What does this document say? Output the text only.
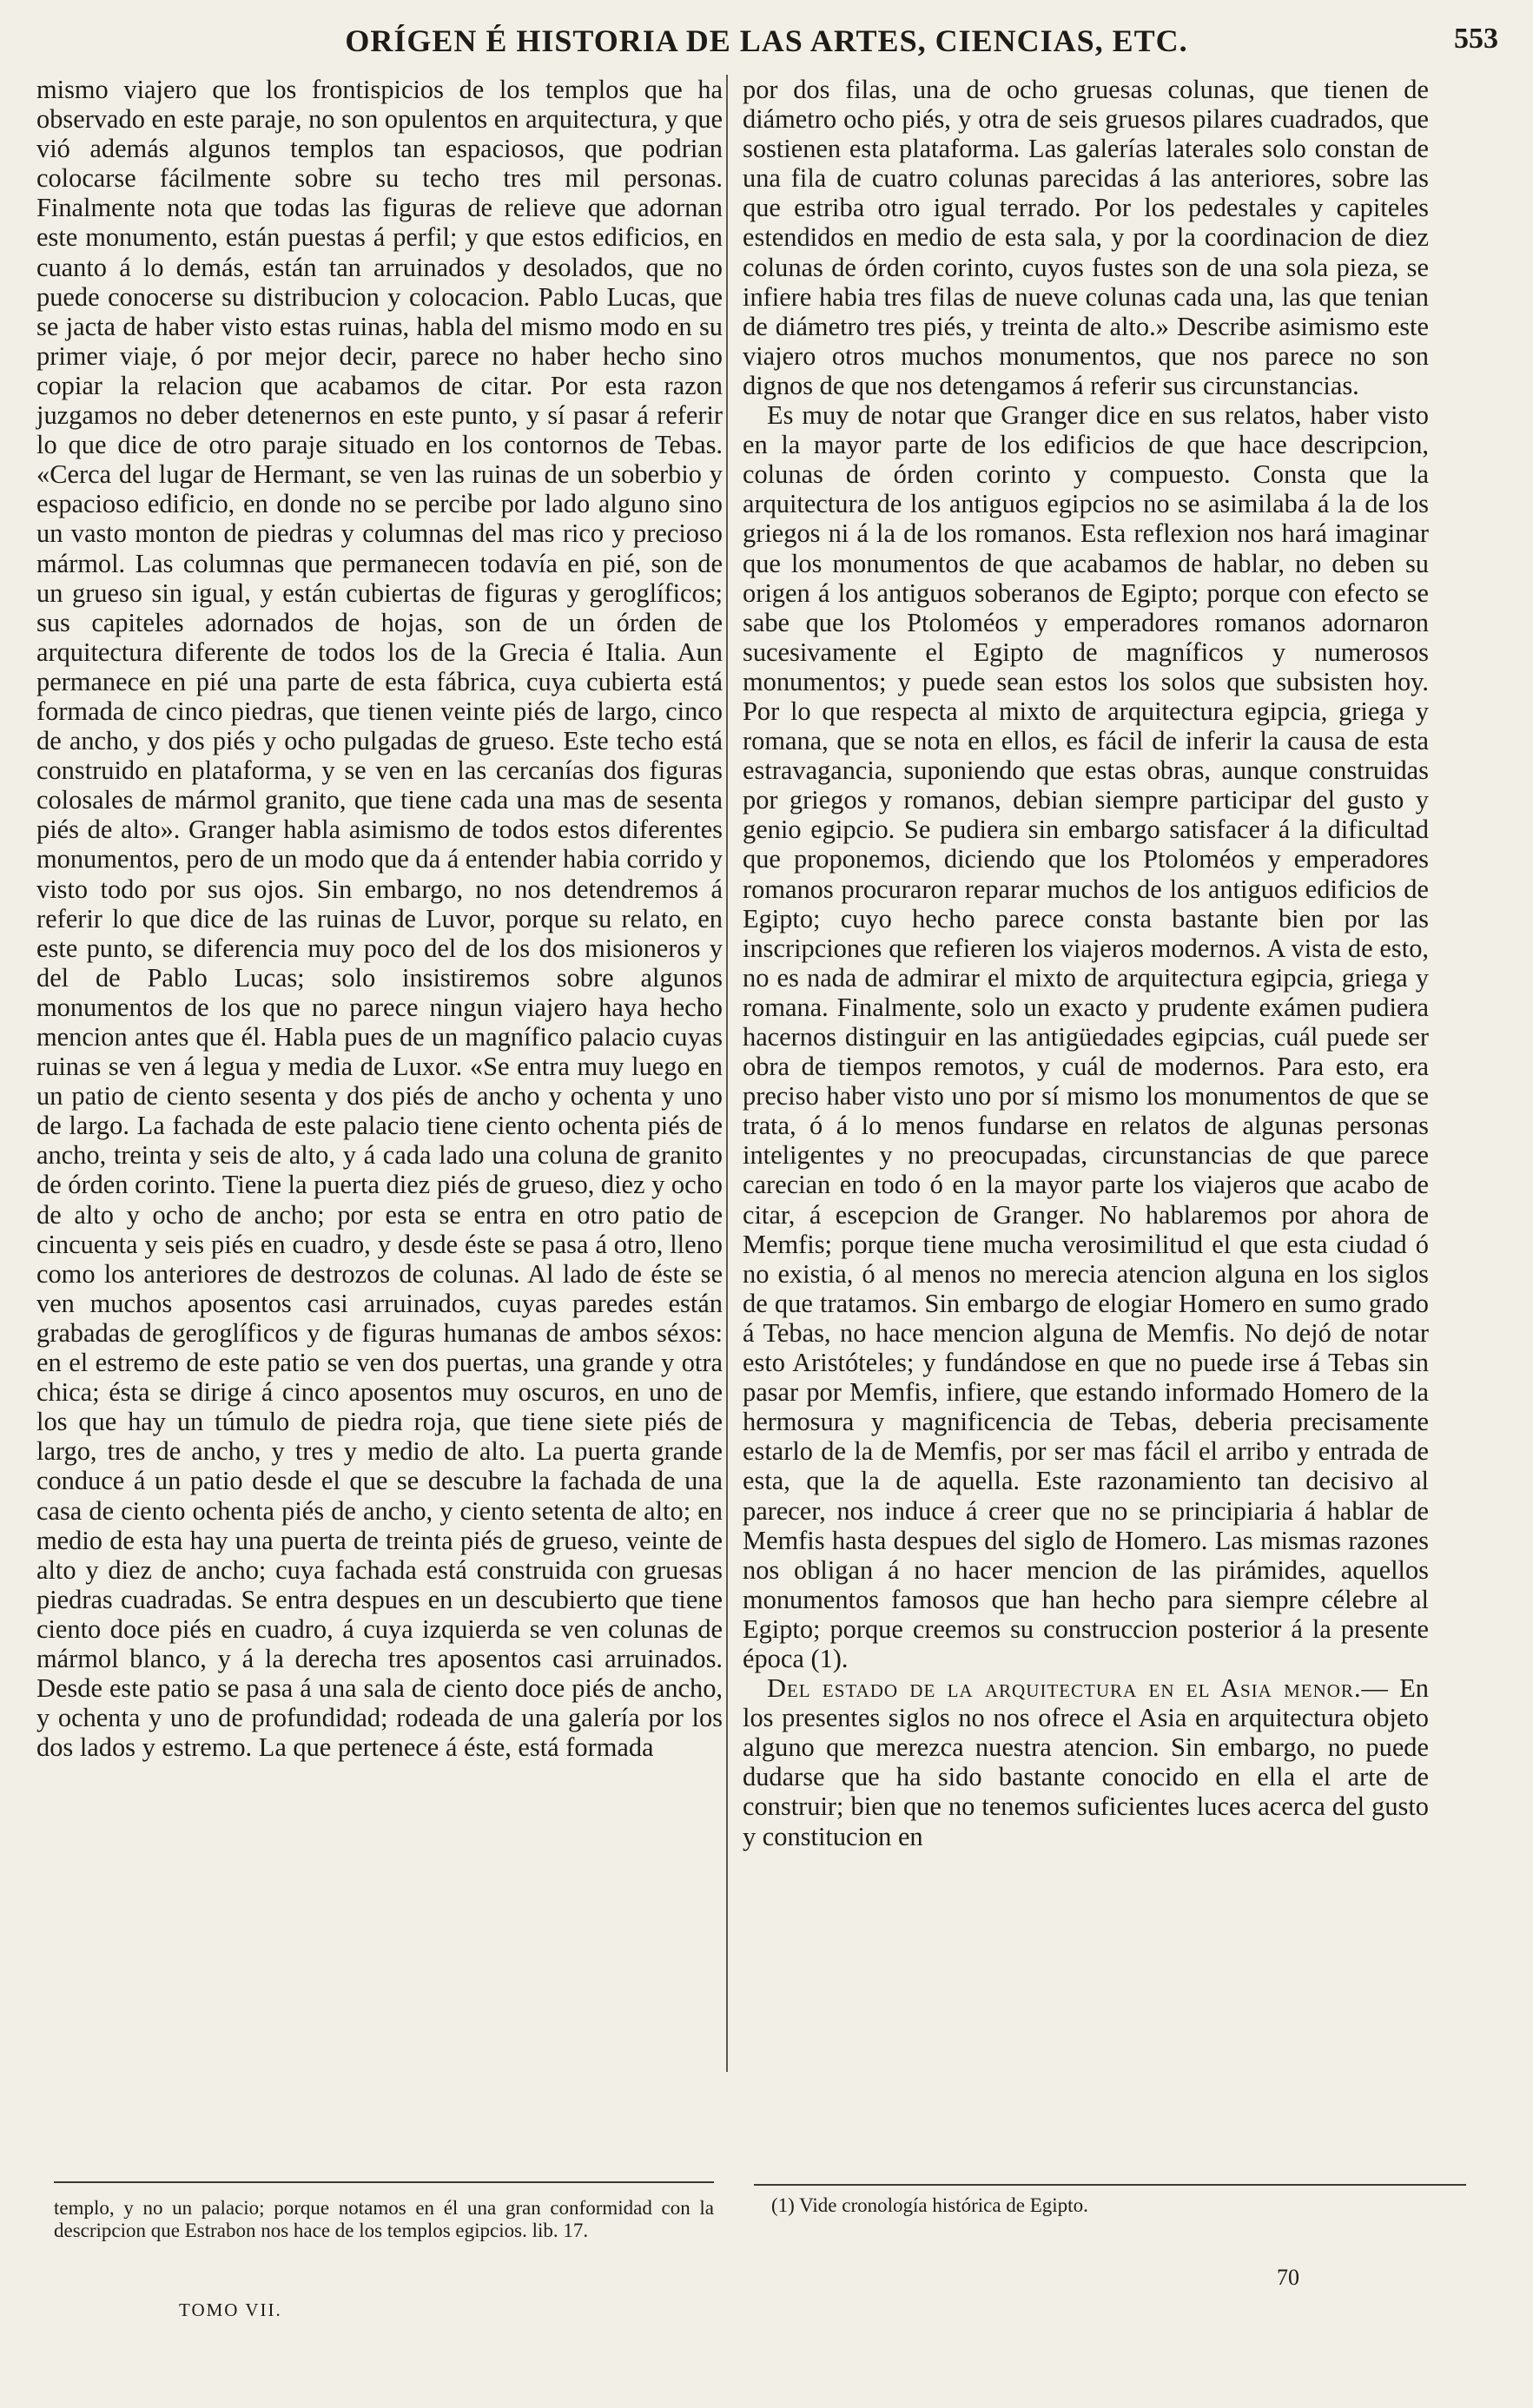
ORÍGEN É HISTORIA DE LAS ARTES, CIENCIAS, ETC.	553

mismo viajero que los frontispicios de los templos que ha observado en este paraje, no son opulentos en arquitectura, y que vió además algunos templos tan espaciosos, que podrian colocarse fácilmente sobre su techo tres mil personas. Finalmente nota que todas las figuras de relieve que adornan este monumento, están puestas á perfil; y que estos edificios, en cuanto á lo demás, están tan arruinados y desolados, que no puede conocerse su distribucion y colocacion. Pablo Lucas, que se jacta de haber visto estas ruinas, habla del mismo modo en su primer viaje, ó por mejor decir, parece no haber hecho sino copiar la relacion que acabamos de citar. Por esta razon juzgamos no deber detenernos en este punto, y sí pasar á referir lo que dice de otro paraje situado en los contornos de Tebas. «Cerca del lugar de Hermant, se ven las ruinas de un soberbio y espacioso edificio, en donde no se percibe por lado alguno sino un vasto monton de piedras y columnas del mas rico y precioso mármol. Las columnas que permanecen todavía en pié, son de un grueso sin igual, y están cubiertas de figuras y geroglíficos; sus capiteles adornados de hojas, son de un órden de arquitectura diferente de todos los de la Grecia é Italia. Aun permanece en pié una parte de esta fábrica, cuya cubierta está formada de cinco piedras, que tienen veinte piés de largo, cinco de ancho, y dos piés y ocho pulgadas de grueso. Este techo está construido en plataforma, y se ven en las cercanías dos figuras colosales de mármol granito, que tiene cada una mas de sesenta piés de alto». Granger habla asimismo de todos estos diferentes monumentos, pero de un modo que da á entender habia corrido y visto todo por sus ojos. Sin embargo, no nos detendremos á referir lo que dice de las ruinas de Luvor, porque su relato, en este punto, se diferencia muy poco del de los dos misioneros y del de Pablo Lucas; solo insistiremos sobre algunos monumentos de los que no parece ningun viajero haya hecho mencion antes que él. Habla pues de un magnífico palacio cuyas ruinas se ven á legua y media de Luxor. «Se entra muy luego en un patio de ciento sesenta y dos piés de ancho y ochenta y uno de largo. La fachada de este palacio tiene ciento ochenta piés de ancho, treinta y seis de alto, y á cada lado una coluna de granito de órden corinto. Tiene la puerta diez piés de grueso, diez y ocho de alto y ocho de ancho; por esta se entra en otro patio de cincuenta y seis piés en cuadro, y desde éste se pasa á otro, lleno como los anteriores de destrozos de colunas. Al lado de éste se ven muchos aposentos casi arruinados, cuyas paredes están grabadas de geroglíficos y de figuras humanas de ambos séxos: en el estremo de este patio se ven dos puertas, una grande y otra chica; ésta se dirige á cinco aposentos muy oscuros, en uno de los que hay un túmulo de piedra roja, que tiene siete piés de largo, tres de ancho, y tres y medio de alto. La puerta grande conduce á un patio desde el que se descubre la fachada de una casa de ciento ochenta piés de ancho, y ciento setenta de alto; en medio de esta hay una puerta de treinta piés de grueso, veinte de alto y diez de ancho; cuya fachada está construida con gruesas piedras cuadradas. Se entra despues en un descubierto que tiene ciento doce piés en cuadro, á cuya izquierda se ven colunas de mármol blanco, y á la derecha tres aposentos casi arruinados. Desde este patio se pasa á una sala de ciento doce piés de ancho, y ochenta y uno de profundidad; rodeada de una galería por los dos lados y estremo. La que pertenece á éste, está formada

por dos filas, una de ocho gruesas colunas, que tienen de diámetro ocho piés, y otra de seis gruesos pilares cuadrados, que sostienen esta plataforma. Las galerías laterales solo constan de una fila de cuatro colunas parecidas á las anteriores, sobre las que estriba otro igual terrado. Por los pedestales y capiteles estendidos en medio de esta sala, y por la coordinacion de diez colunas de órden corinto, cuyos fustes son de una sola pieza, se infiere habia tres filas de nueve colunas cada una, las que tenian de diámetro tres piés, y treinta de alto.» Describe asimismo este viajero otros muchos monumentos, que nos parece no son dignos de que nos detengamos á referir sus circunstancias.

Es muy de notar que Granger dice en sus relatos, haber visto en la mayor parte de los edificios de que hace descripcion, colunas de órden corinto y compuesto. Consta que la arquitectura de los antiguos egipcios no se asimilaba á la de los griegos ni á la de los romanos. Esta reflexion nos hará imaginar que los monumentos de que acabamos de hablar, no deben su origen á los antiguos soberanos de Egipto; porque con efecto se sabe que los Ptoloméos y emperadores romanos adornaron sucesivamente el Egipto de magníficos y numerosos monumentos; y puede sean estos los solos que subsisten hoy. Por lo que respecta al mixto de arquitectura egipcia, griega y romana, que se nota en ellos, es fácil de inferir la causa de esta estravagancia, suponiendo que estas obras, aunque construidas por griegos y romanos, debian siempre participar del gusto y genio egipcio. Se pudiera sin embargo satisfacer á la dificultad que proponemos, diciendo que los Ptoloméos y emperadores romanos procuraron reparar muchos de los antiguos edificios de Egipto; cuyo hecho parece consta bastante bien por las inscripciones que refieren los viajeros modernos. A vista de esto, no es nada de admirar el mixto de arquitectura egipcia, griega y romana. Finalmente, solo un exacto y prudente exámen pudiera hacernos distinguir en las antigüedades egipcias, cuál puede ser obra de tiempos remotos, y cuál de modernos. Para esto, era preciso haber visto uno por sí mismo los monumentos de que se trata, ó á lo menos fundarse en relatos de algunas personas inteligentes y no preocupadas, circunstancias de que parece carecian en todo ó en la mayor parte los viajeros que acabo de citar, á escepcion de Granger. No hablaremos por ahora de Memfis; porque tiene mucha verosimilitud el que esta ciudad ó no existia, ó al menos no merecia atencion alguna en los siglos de que tratamos. Sin embargo de elogiar Homero en sumo grado á Tebas, no hace mencion alguna de Memfis. No dejó de notar esto Aristóteles; y fundándose en que no puede irse á Tebas sin pasar por Memfis, infiere, que estando informado Homero de la hermosura y magnificencia de Tebas, deberia precisamente estarlo de la de Memfis, por ser mas fácil el arribo y entrada de esta, que la de aquella. Este razonamiento tan decisivo al parecer, nos induce á creer que no se principiaria á hablar de Memfis hasta despues del siglo de Homero. Las mismas razones nos obligan á no hacer mencion de las pirámides, aquellos monumentos famosos que han hecho para siempre célebre al Egipto; porque creemos su construccion posterior á la presente época (1).

Del estado de la arquitectura en el Asia menor.— En los presentes siglos no nos ofrece el Asia en arquitectura objeto alguno que merezca nuestra atencion. Sin embargo, no puede dudarse que ha sido bastante conocido en ella el arte de construir; bien que no tenemos suficientes luces acerca del gusto y constitucion en

templo, y no un palacio; porque notamos en él una gran conformidad con la descripcion que Estrabon nos hace de los templos egipcios. lib. 17.
(1) Vide cronología histórica de Egipto.
TOMO VII.
70
